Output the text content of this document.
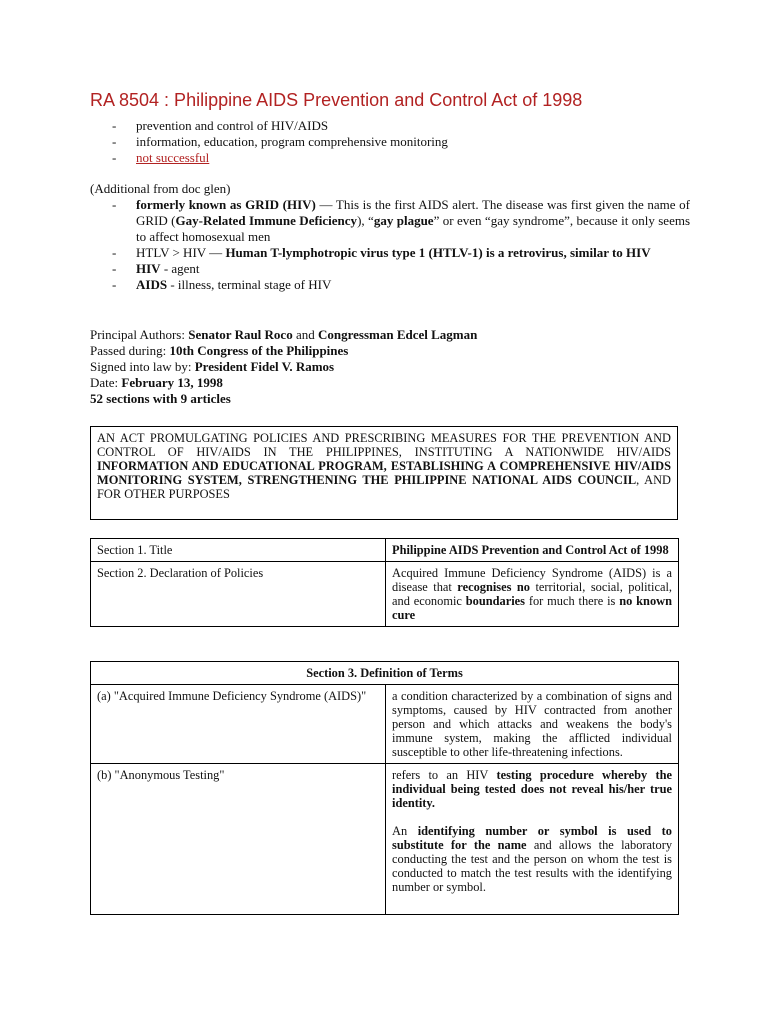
RA 8504 : Philippine AIDS Prevention and Control Act of 1998
- prevention and control of HIV/AIDS
- information, education, program comprehensive monitoring
- not successful
(Additional from doc glen)
- formerly known as GRID (HIV) — This is the first AIDS alert. The disease was first given the name of GRID (Gay-Related Immune Deficiency), “gay plague” or even “gay syndrome”, because it only seems to affect homosexual men
- HTLV > HIV — Human T-lymphotropic virus type 1 (HTLV-1) is a retrovirus, similar to HIV
- HIV - agent
- AIDS - illness, terminal stage of HIV
Principal Authors: Senator Raul Roco and Congressman Edcel Lagman
Passed during: 10th Congress of the Philippines
Signed into law by: President Fidel V. Ramos
Date: February 13, 1998
52 sections with 9 articles
AN ACT PROMULGATING POLICIES AND PRESCRIBING MEASURES FOR THE PREVENTION AND CONTROL OF HIV/AIDS IN THE PHILIPPINES, INSTITUTING A NATIONWIDE HIV/AIDS INFORMATION AND EDUCATIONAL PROGRAM, ESTABLISHING A COMPREHENSIVE HIV/AIDS MONITORING SYSTEM, STRENGTHENING THE PHILIPPINE NATIONAL AIDS COUNCIL, AND FOR OTHER PURPOSES
Section 1. Title	Philippine AIDS Prevention and Control Act of 1998
Section 2. Declaration of Policies	Acquired Immune Deficiency Syndrome (AIDS) is a disease that recognises no territorial, social, political, and economic boundaries for much there is no known cure
Section 3. Definition of Terms	
(a) "Acquired Immune Deficiency Syndrome (AIDS)"	a condition characterized by a combination of signs and symptoms, caused by HIV contracted from another person and which attacks and weakens the body's immune system, making the afflicted individual susceptible to other life-threatening infections.
(b) "Anonymous Testing"	refers to an HIV testing procedure whereby the individual being tested does not reveal his/her true identity.
An identifying number or symbol is used to substitute for the name and allows the laboratory conducting the test and the person on whom the test is conducted to match the test results with the identifying number or symbol.
